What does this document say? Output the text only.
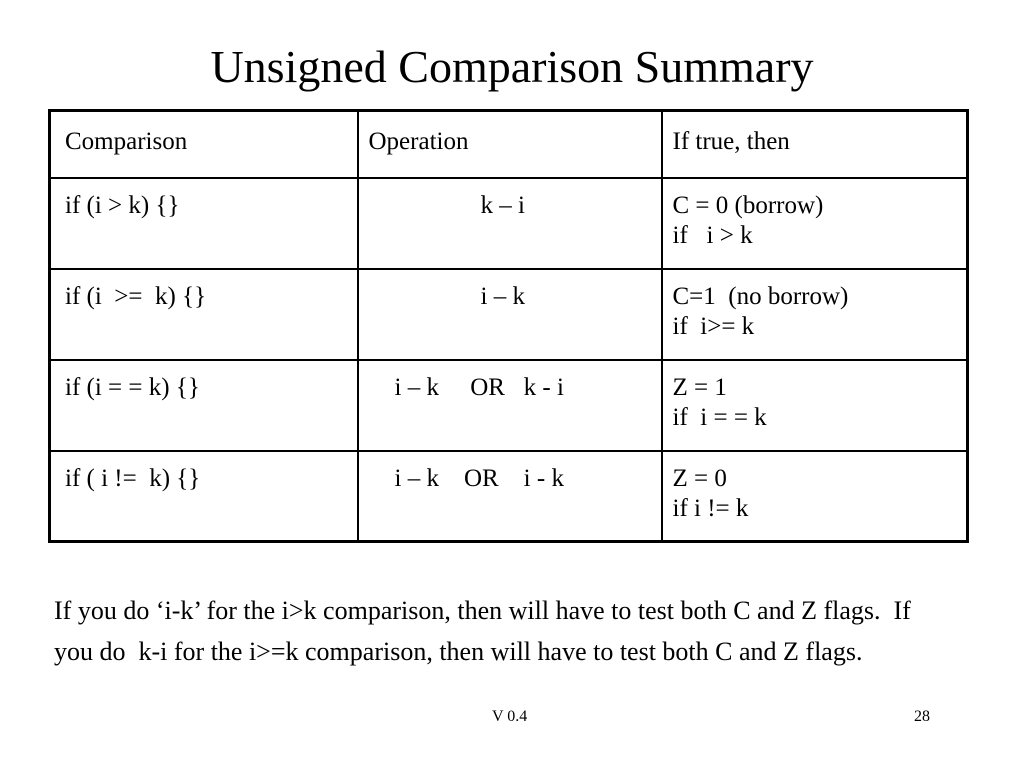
Unsigned Comparison Summary
Comparison	Operation	If true, then

if (i > k) {}	k – i	C = 0 (borrow)
if   i > k

if (i  >=  k) {}	i – k	C=1  (no borrow)
if  i>= k

if (i = = k) {}	i – k     OR   k - i	Z = 1
if  i = = k

if ( i !=  k) {}	i – k    OR    i - k	Z = 0
if i != k
If you do ‘i-k’ for the i>k comparison, then will have to test both C and Z flags.  If you do  k-i for the i>=k comparison, then will have to test both C and Z flags.
V 0.4	28
